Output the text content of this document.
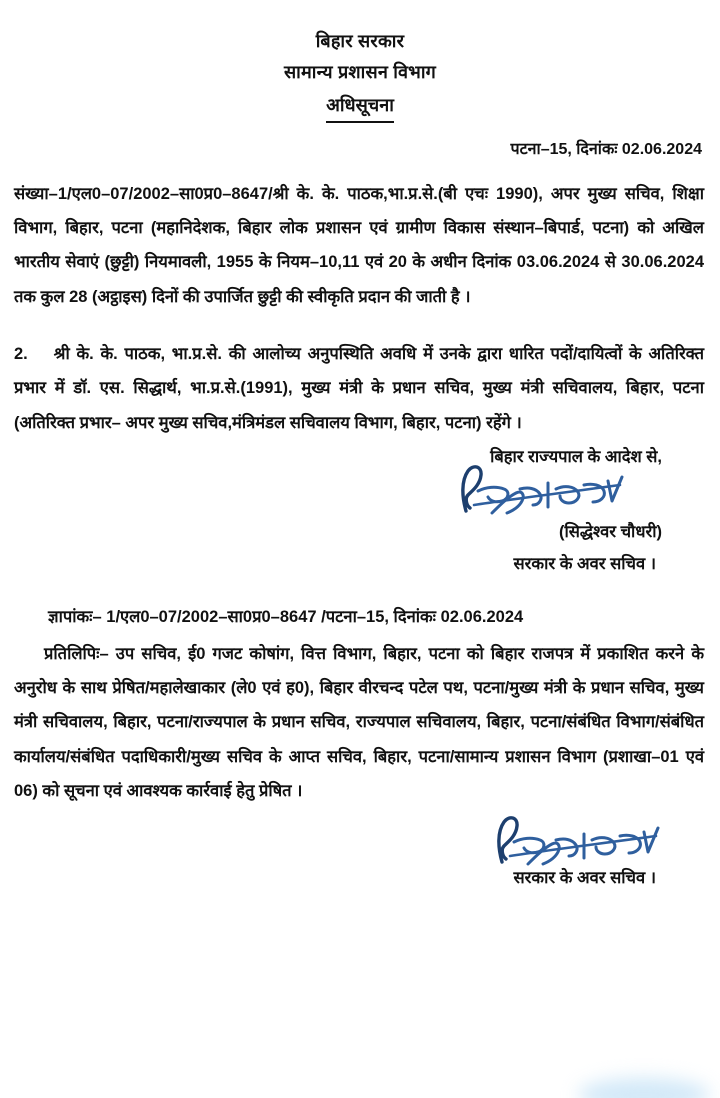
बिहार सरकार
सामान्य प्रशासन विभाग
अधिसूचना
पटना–15, दिनांकः 02.06.2024

संख्या–1/एल0–07/2002–सा0प्र0–8647/श्री के. के. पाठक,भा.प्र.से.(बी एचः 1990), अपर मुख्य सचिव, शिक्षा विभाग, बिहार, पटना (महानिदेशक, बिहार लोक प्रशासन एवं ग्रामीण विकास संस्थान–बिपार्ड, पटना) को अखिल भारतीय सेवाएं (छुट्टी) नियमावली, 1955 के नियम–10,11 एवं 20 के अधीन दिनांक 03.06.2024 से 30.06.2024 तक कुल 28 (अट्ठाइस) दिनों की उपार्जित छुट्टी की स्वीकृति प्रदान की जाती है ।

2. श्री के. के. पाठक, भा.प्र.से. की आलोच्य अनुपस्थिति अवधि में उनके द्वारा धारित पदों/दायित्वों के अतिरिक्त प्रभार में डॉ. एस. सिद्धार्थ, भा.प्र.से.(1991), मुख्य मंत्री के प्रधान सचिव, मुख्य मंत्री सचिवालय, बिहार, पटना (अतिरिक्त प्रभार– अपर मुख्य सचिव,मंत्रिमंडल सचिवालय विभाग, बिहार, पटना) रहेंगे ।

बिहार राज्यपाल के आदेश से,
(सिद्धेश्वर चौधरी)
सरकार के अवर सचिव ।
ज्ञापांकः– 1/एल0–07/2002–सा0प्र0–8647 /पटना–15, दिनांकः 02.06.2024

प्रतिलिपिः– उप सचिव, ई0 गजट कोषांग, वित्त विभाग, बिहार, पटना को बिहार राजपत्र में प्रकाशित करने के अनुरोध के साथ प्रेषित/महालेखाकार (ले0 एवं ह0), बिहार वीरचन्द पटेल पथ, पटना/मुख्य मंत्री के प्रधान सचिव, मुख्य मंत्री सचिवालय, बिहार, पटना/राज्यपाल के प्रधान सचिव, राज्यपाल सचिवालय, बिहार, पटना/संबंधित विभाग/संबंधित कार्यालय/संबंधित पदाधिकारी/मुख्य सचिव के आप्त सचिव, बिहार, पटना/सामान्य प्रशासन विभाग (प्रशाखा–01 एवं 06) को सूचना एवं आवश्यक कार्रवाई हेतु प्रेषित ।

सरकार के अवर सचिव ।
